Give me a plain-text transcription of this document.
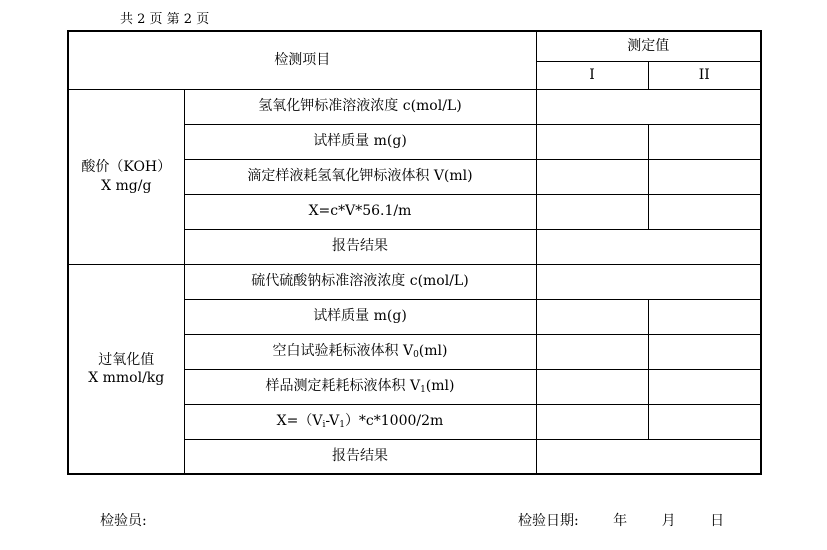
共 2 页 第 2 页
检测项目		测定值	
		I	II

酸价（KOH）
X mg/g	氢氧化钾标准溶液浓度 c(mol/L)		
	试样质量 m(g)		
	滴定样液耗氢氧化钾标液体积 V(ml)		
	X=c*V*56.1/m		
	报告结果		

过氧化值
X mmol/kg	硫代硫酸钠标准溶液浓度 c(mol/L)		
	试样质量 m(g)		
	空白试验耗标液体积 $V_0(ml)$		
	样品测定耗耗标液体积 $V_1(ml)$		
	$X=(V_i-V_1)*c*1000/2m$		
	报告结果		
检验员:	检验日期: 年 月 日
